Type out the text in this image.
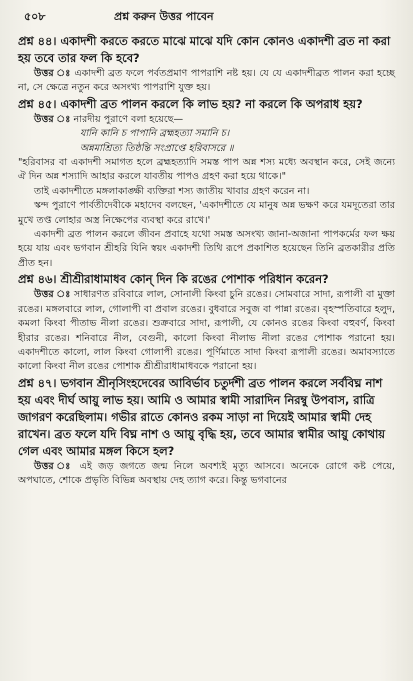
৫০৮	প্রশ্ন করুন উত্তর পাবেন

প্রশ্ন ৪৪। একাদশী করতে করতে মাঝে মাঝে যদি কোন কোনও একাদশী ব্রত না করা হয় তবে তার ফল কি হবে?

উত্তর ঃ একাদশী ব্রত ফলে পর্বতপ্রমাণ পাপরাশি নষ্ট হয়। যে যে একাদশীব্রত পালন করা হচ্ছে না, সে ক্ষেত্রে নতুন করে অসংখ্য পাপরাশি যুক্ত হয়।

প্রশ্ন ৪৫। একাদশী ব্রত পালন করলে কি লাভ হয়? না করলে কি অপরাধ হয়?

উত্তর ঃ নারদীয় পুরাণে বলা হয়েছে—

যানি কানি চ পাপানি ব্রহ্মহত্যা সমানি চ।

অন্নমাশ্রিত্য তিষ্ঠন্তি সংপ্রাপ্তে হরিবাসরে ॥

"হরিবাসর বা একাদশী সমাগত হলে ব্রহ্মহত্যাদি সমস্ত পাপ অন্ন শস্য মধ্যে অবস্থান করে, সেই জন্যে ঐ দিন অন্ন শস্যাদি আহার করলে যাবতীয় পাপও গ্রহণ করা হয়ে থাকে।"

তাই একাদশীতে মঙ্গলাকাঙ্ক্ষী ব্যক্তিরা শস্য জাতীয় খাবার গ্রহণ করেন না।

স্কন্দ পুরাণে পার্বতীদেবীকে মহাদেব বলছেন, 'একাদশীতে যে মানুষ অন্ন ভক্ষণ করে যমদূতেরা তার মুখে তপ্ত লোহার অস্ত্র নিক্ষেপের ব্যবস্থা করে রাখে।'

একাদশী ব্রত পালন করলে জীবন প্রবাহে যথো সমস্ত অসংখ্য জানা-অজানা পাপকর্মের ফল ক্ষয় হয়ে যায় এবং ভগবান শ্রীহরি যিনি স্বয়ং একাদশী তিথি রূপে প্রকাশিত হয়েছেন তিনি ব্রতকারীর প্রতি প্রীত হন।

প্রশ্ন ৪৬। শ্রীশ্রীরাধামাধব কোন্ দিন কি রঙের পোশাক পরিধান করেন?

উত্তর ঃ সাধারণত রবিবারে লাল, সোনালী কিংবা চুনি রঙের। সোমবারে সাদা, রূপালী বা মুক্তা রঙের। মঙ্গলবারে লাল, গোলাপী বা প্রবাল রঙের। বুধবারে সবুজ বা পান্না রঙের। বৃহস্পতিবারে হলুদ, কমলা কিংবা পীতাভ নীলা রঙের। শুক্রবারে সাদা, রূপালী, যে কোনও রঙের কিংবা বহুবর্ণ, কিংবা হীরার রঙের। শনিবারে নীল, বেগুনী, কালো কিংবা নীলাভ নীলা রঙের পোশাক পরানো হয়। একাদশীতে কালো, লাল কিংবা গোলাপী রঙের। পূর্ণিমাতে সাদা কিংবা রূপালী রঙের। অমাবস্যাতে কালো কিংবা নীল রঙের পোশাক শ্রীশ্রীরাধামাধবকে পরানো হয়।

প্রশ্ন ৪৭। ভগবান শ্রীনৃসিংহদেবের আবির্ভাব চতুর্দশী ব্রত পালন করলে সর্ববিঘ্ন নাশ হয় এবং দীর্ঘ আয়ু লাভ হয়। আমি ও আমার স্বামী সারাদিন নিরম্বু উপবাস, রাত্রি জাগরণ করেছিলাম। গভীর রাতে কোনও রকম সাড়া না দিয়েই আমার স্বামী দেহ রাখেন। ব্রত ফলে যদি বিঘ্ন নাশ ও আয়ু বৃদ্ধি হয়, তবে আমার স্বামীর আয়ু কোথায় গেল এবং আমার মঙ্গল কিসে হল?

উত্তর ঃ এই জড় জগতে জন্ম নিলে অবশ্যই মৃত্যু আসবে। অনেকে রোগে কষ্ট পেয়ে, অপঘাতে, শোকে প্রভৃতি বিভিন্ন অবস্থায় দেহ ত্যাগ করে। কিন্তু ভগবানের
